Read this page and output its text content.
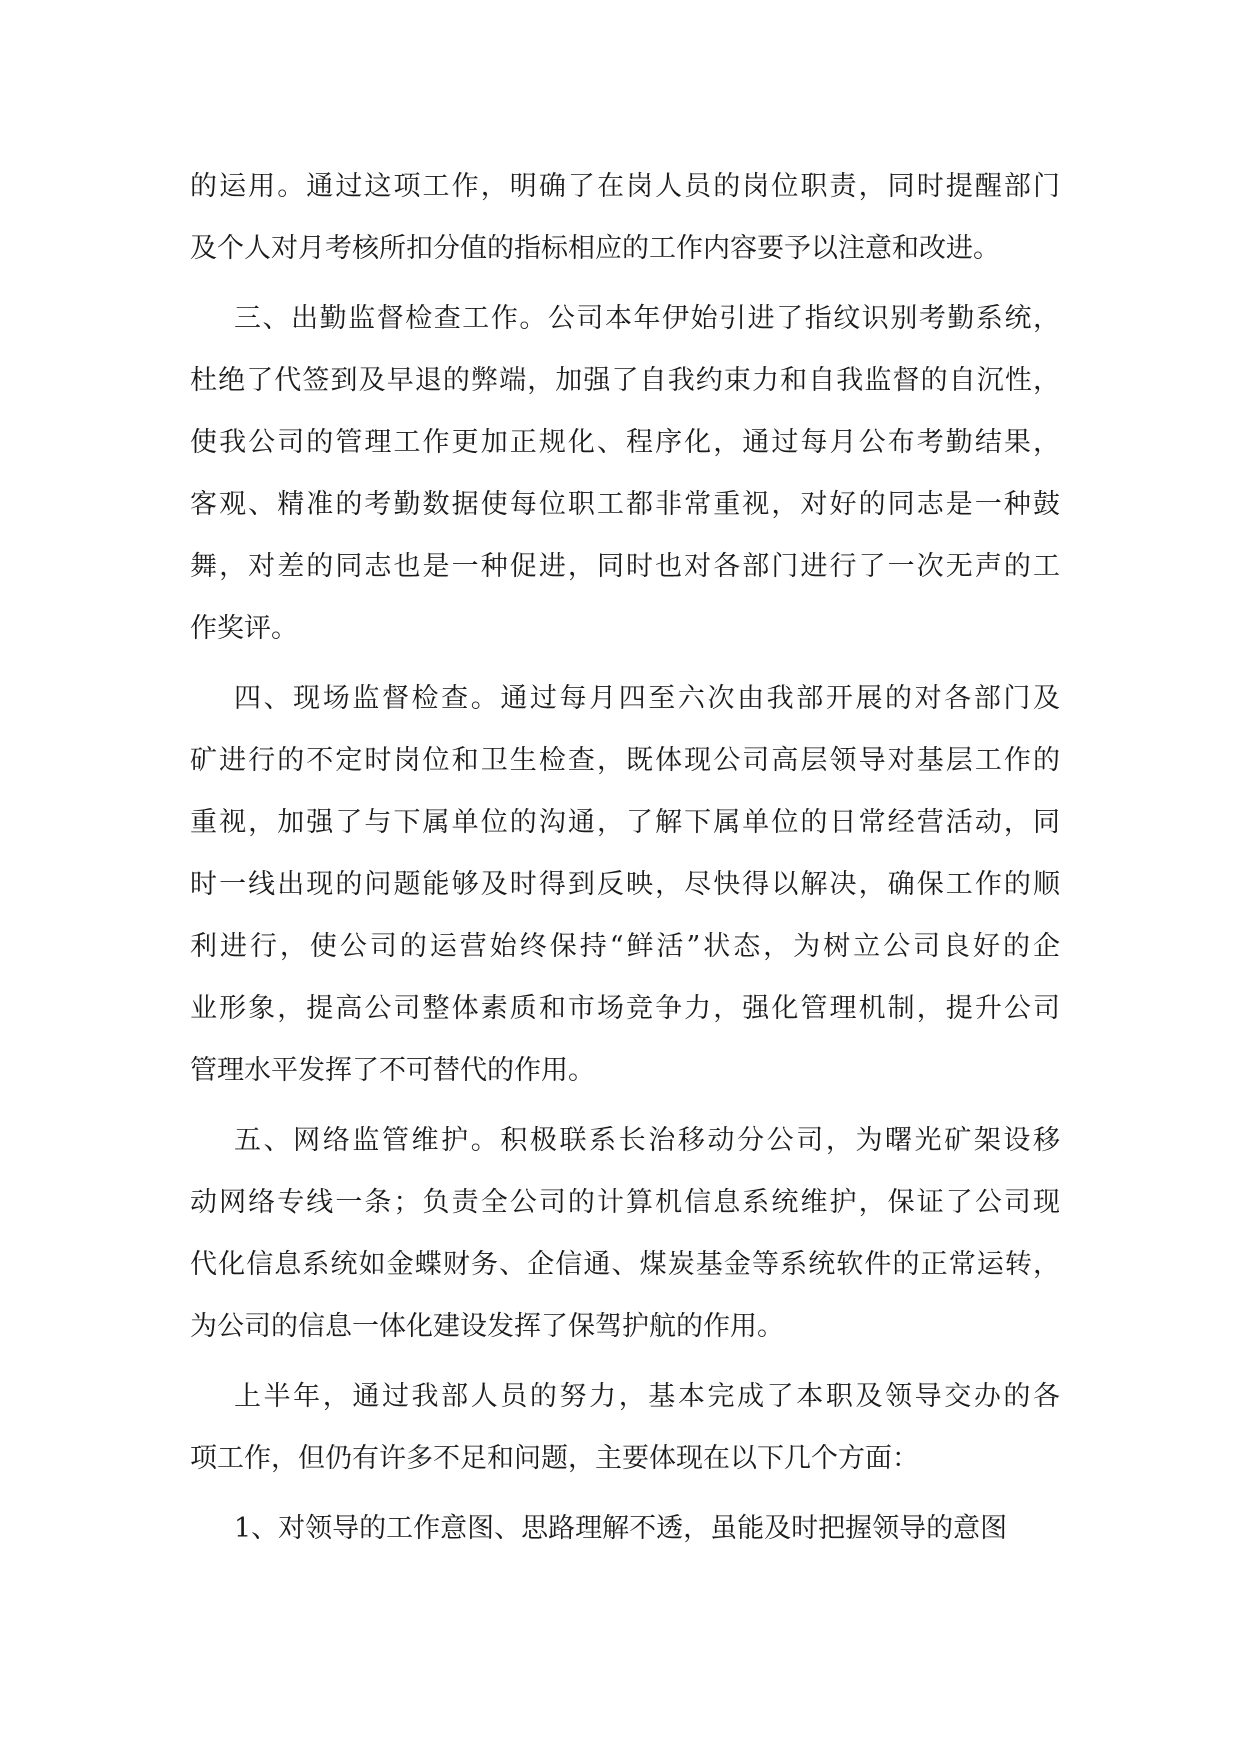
的运用。通过这项工作，明确了在岗人员的岗位职责，同时提醒部门
及个人对月考核所扣分值的指标相应的工作内容要予以注意和改进。
三、出勤监督检查工作。公司本年伊始引进了指纹识别考勤系统，
杜绝了代签到及早退的弊端，加强了自我约束力和自我监督的自沉性，
使我公司的管理工作更加正规化、程序化，通过每月公布考勤结果，
客观、精准的考勤数据使每位职工都非常重视，对好的同志是一种鼓
舞，对差的同志也是一种促进，同时也对各部门进行了一次无声的工
作奖评。
四、现场监督检查。通过每月四至六次由我部开展的对各部门及
矿进行的不定时岗位和卫生检查，既体现公司高层领导对基层工作的
重视，加强了与下属单位的沟通，了解下属单位的日常经营活动，同
时一线出现的问题能够及时得到反映，尽快得以解决，确保工作的顺
利进行，使公司的运营始终保持“鲜活”状态，为树立公司良好的企
业形象，提高公司整体素质和市场竞争力，强化管理机制，提升公司
管理水平发挥了不可替代的作用。
五、网络监管维护。积极联系长治移动分公司，为曙光矿架设移
动网络专线一条；负责全公司的计算机信息系统维护，保证了公司现
代化信息系统如金蝶财务、企信通、煤炭基金等系统软件的正常运转，
为公司的信息一体化建设发挥了保驾护航的作用。
上半年，通过我部人员的努力，基本完成了本职及领导交办的各
项工作，但仍有许多不足和问题，主要体现在以下几个方面：
1、对领导的工作意图、思路理解不透，虽能及时把握领导的意图
